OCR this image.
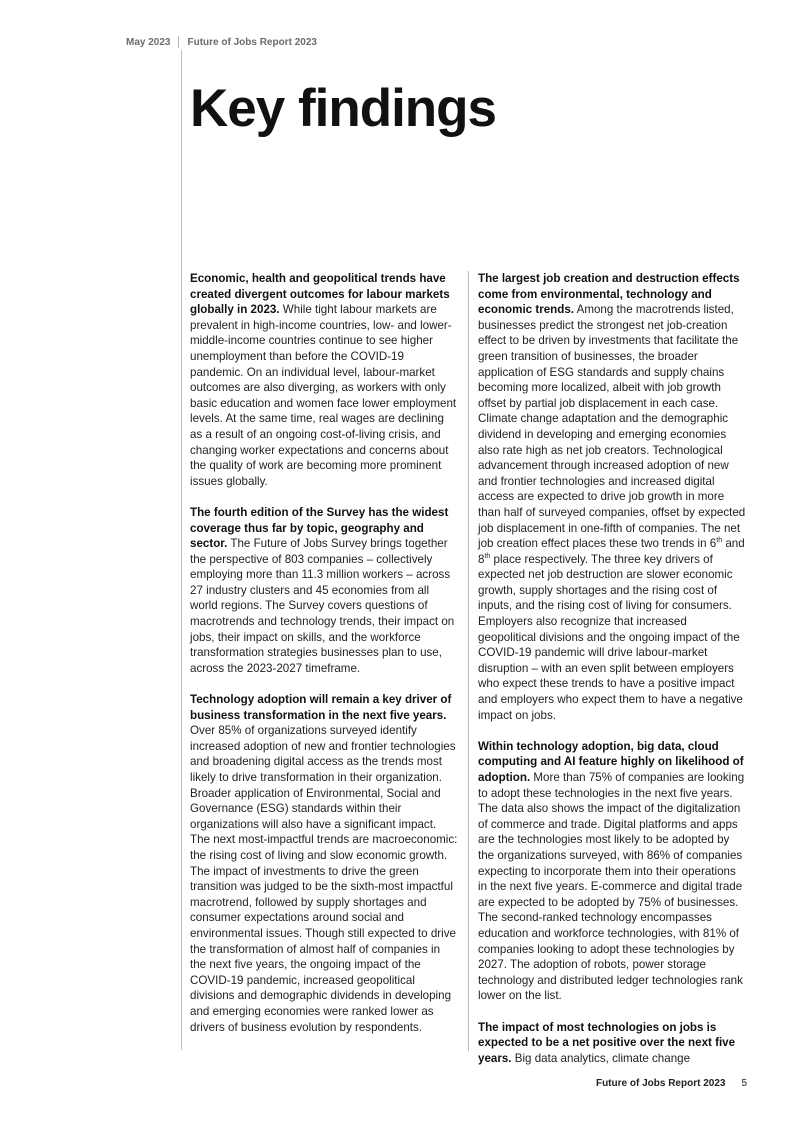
May 2023 Future of Jobs Report 2023
Key findings

Economic, health and geopolitical trends have created divergent outcomes for labour markets globally in 2023. While tight labour markets are prevalent in high-income countries, low- and lower-middle-income countries continue to see higher unemployment than before the COVID-19 pandemic. On an individual level, labour-market outcomes are also diverging, as workers with only basic education and women face lower employment levels. At the same time, real wages are declining as a result of an ongoing cost-of-living crisis, and changing worker expectations and concerns about the quality of work are becoming more prominent issues globally.

The fourth edition of the Survey has the widest coverage thus far by topic, geography and sector. The Future of Jobs Survey brings together the perspective of 803 companies – collectively employing more than 11.3 million workers – across 27 industry clusters and 45 economies from all world regions. The Survey covers questions of macrotrends and technology trends, their impact on jobs, their impact on skills, and the workforce transformation strategies businesses plan to use, across the 2023-2027 timeframe.

Technology adoption will remain a key driver of business transformation in the next five years. Over 85% of organizations surveyed identify increased adoption of new and frontier technologies and broadening digital access as the trends most likely to drive transformation in their organization. Broader application of Environmental, Social and Governance (ESG) standards within their organizations will also have a significant impact. The next most-impactful trends are macroeconomic: the rising cost of living and slow economic growth. The impact of investments to drive the green transition was judged to be the sixth-most impactful macrotrend, followed by supply shortages and consumer expectations around social and environmental issues. Though still expected to drive the transformation of almost half of companies in the next five years, the ongoing impact of the COVID-19 pandemic, increased geopolitical divisions and demographic dividends in developing and emerging economies were ranked lower as drivers of business evolution by respondents.

The largest job creation and destruction effects come from environmental, technology and economic trends. Among the macrotrends listed, businesses predict the strongest net job-creation effect to be driven by investments that facilitate the green transition of businesses, the broader application of ESG standards and supply chains becoming more localized, albeit with job growth offset by partial job displacement in each case. Climate change adaptation and the demographic dividend in developing and emerging economies also rate high as net job creators. Technological advancement through increased adoption of new and frontier technologies and increased digital access are expected to drive job growth in more than half of surveyed companies, offset by expected job displacement in one-fifth of companies. The net job creation effect places these two trends in 6th and 8th place respectively. The three key drivers of expected net job destruction are slower economic growth, supply shortages and the rising cost of inputs, and the rising cost of living for consumers. Employers also recognize that increased geopolitical divisions and the ongoing impact of the COVID-19 pandemic will drive labour-market disruption – with an even split between employers who expect these trends to have a positive impact and employers who expect them to have a negative impact on jobs.

Within technology adoption, big data, cloud computing and AI feature highly on likelihood of adoption. More than 75% of companies are looking to adopt these technologies in the next five years. The data also shows the impact of the digitalization of commerce and trade. Digital platforms and apps are the technologies most likely to be adopted by the organizations surveyed, with 86% of companies expecting to incorporate them into their operations in the next five years. E-commerce and digital trade are expected to be adopted by 75% of businesses. The second-ranked technology encompasses education and workforce technologies, with 81% of companies looking to adopt these technologies by 2027. The adoption of robots, power storage technology and distributed ledger technologies rank lower on the list.

The impact of most technologies on jobs is expected to be a net positive over the next five years. Big data analytics, climate change

Future of Jobs Report 2023 5
